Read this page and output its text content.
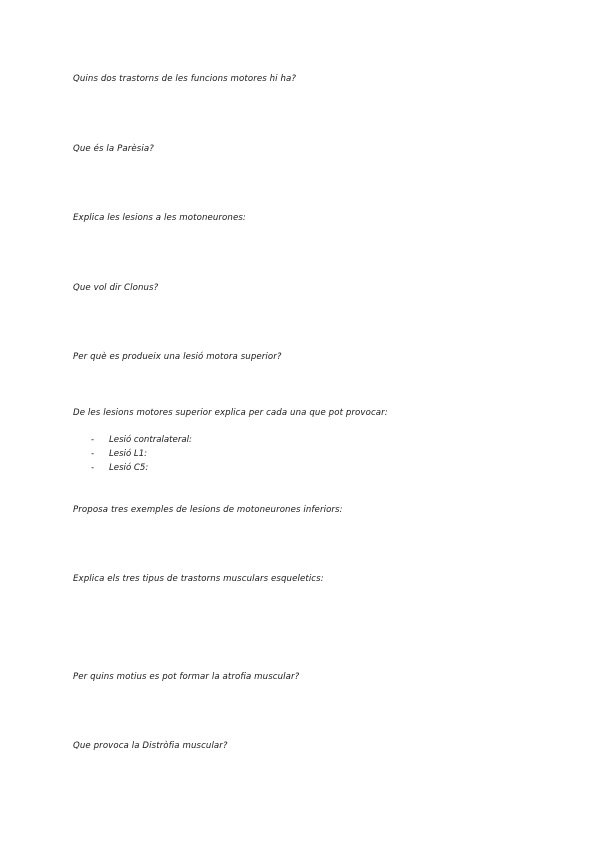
Quins dos trastorns de les funcions motores hi ha?
Que és la Parèsia?
Explica les lesions a les motoneurones:
Que vol dir Clonus?
Per què es produeix una lesió motora superior?
De les lesions motores superior explica per cada una que pot provocar:
- Lesió contralateral:
- Lesió L1:
- Lesió C5:
Proposa tres exemples de lesions de motoneurones inferiors:
Explica els tres tipus de trastorns musculars esqueletics:
Per quins motius es pot formar la atrofia muscular?
Que provoca la Distròfia muscular?
